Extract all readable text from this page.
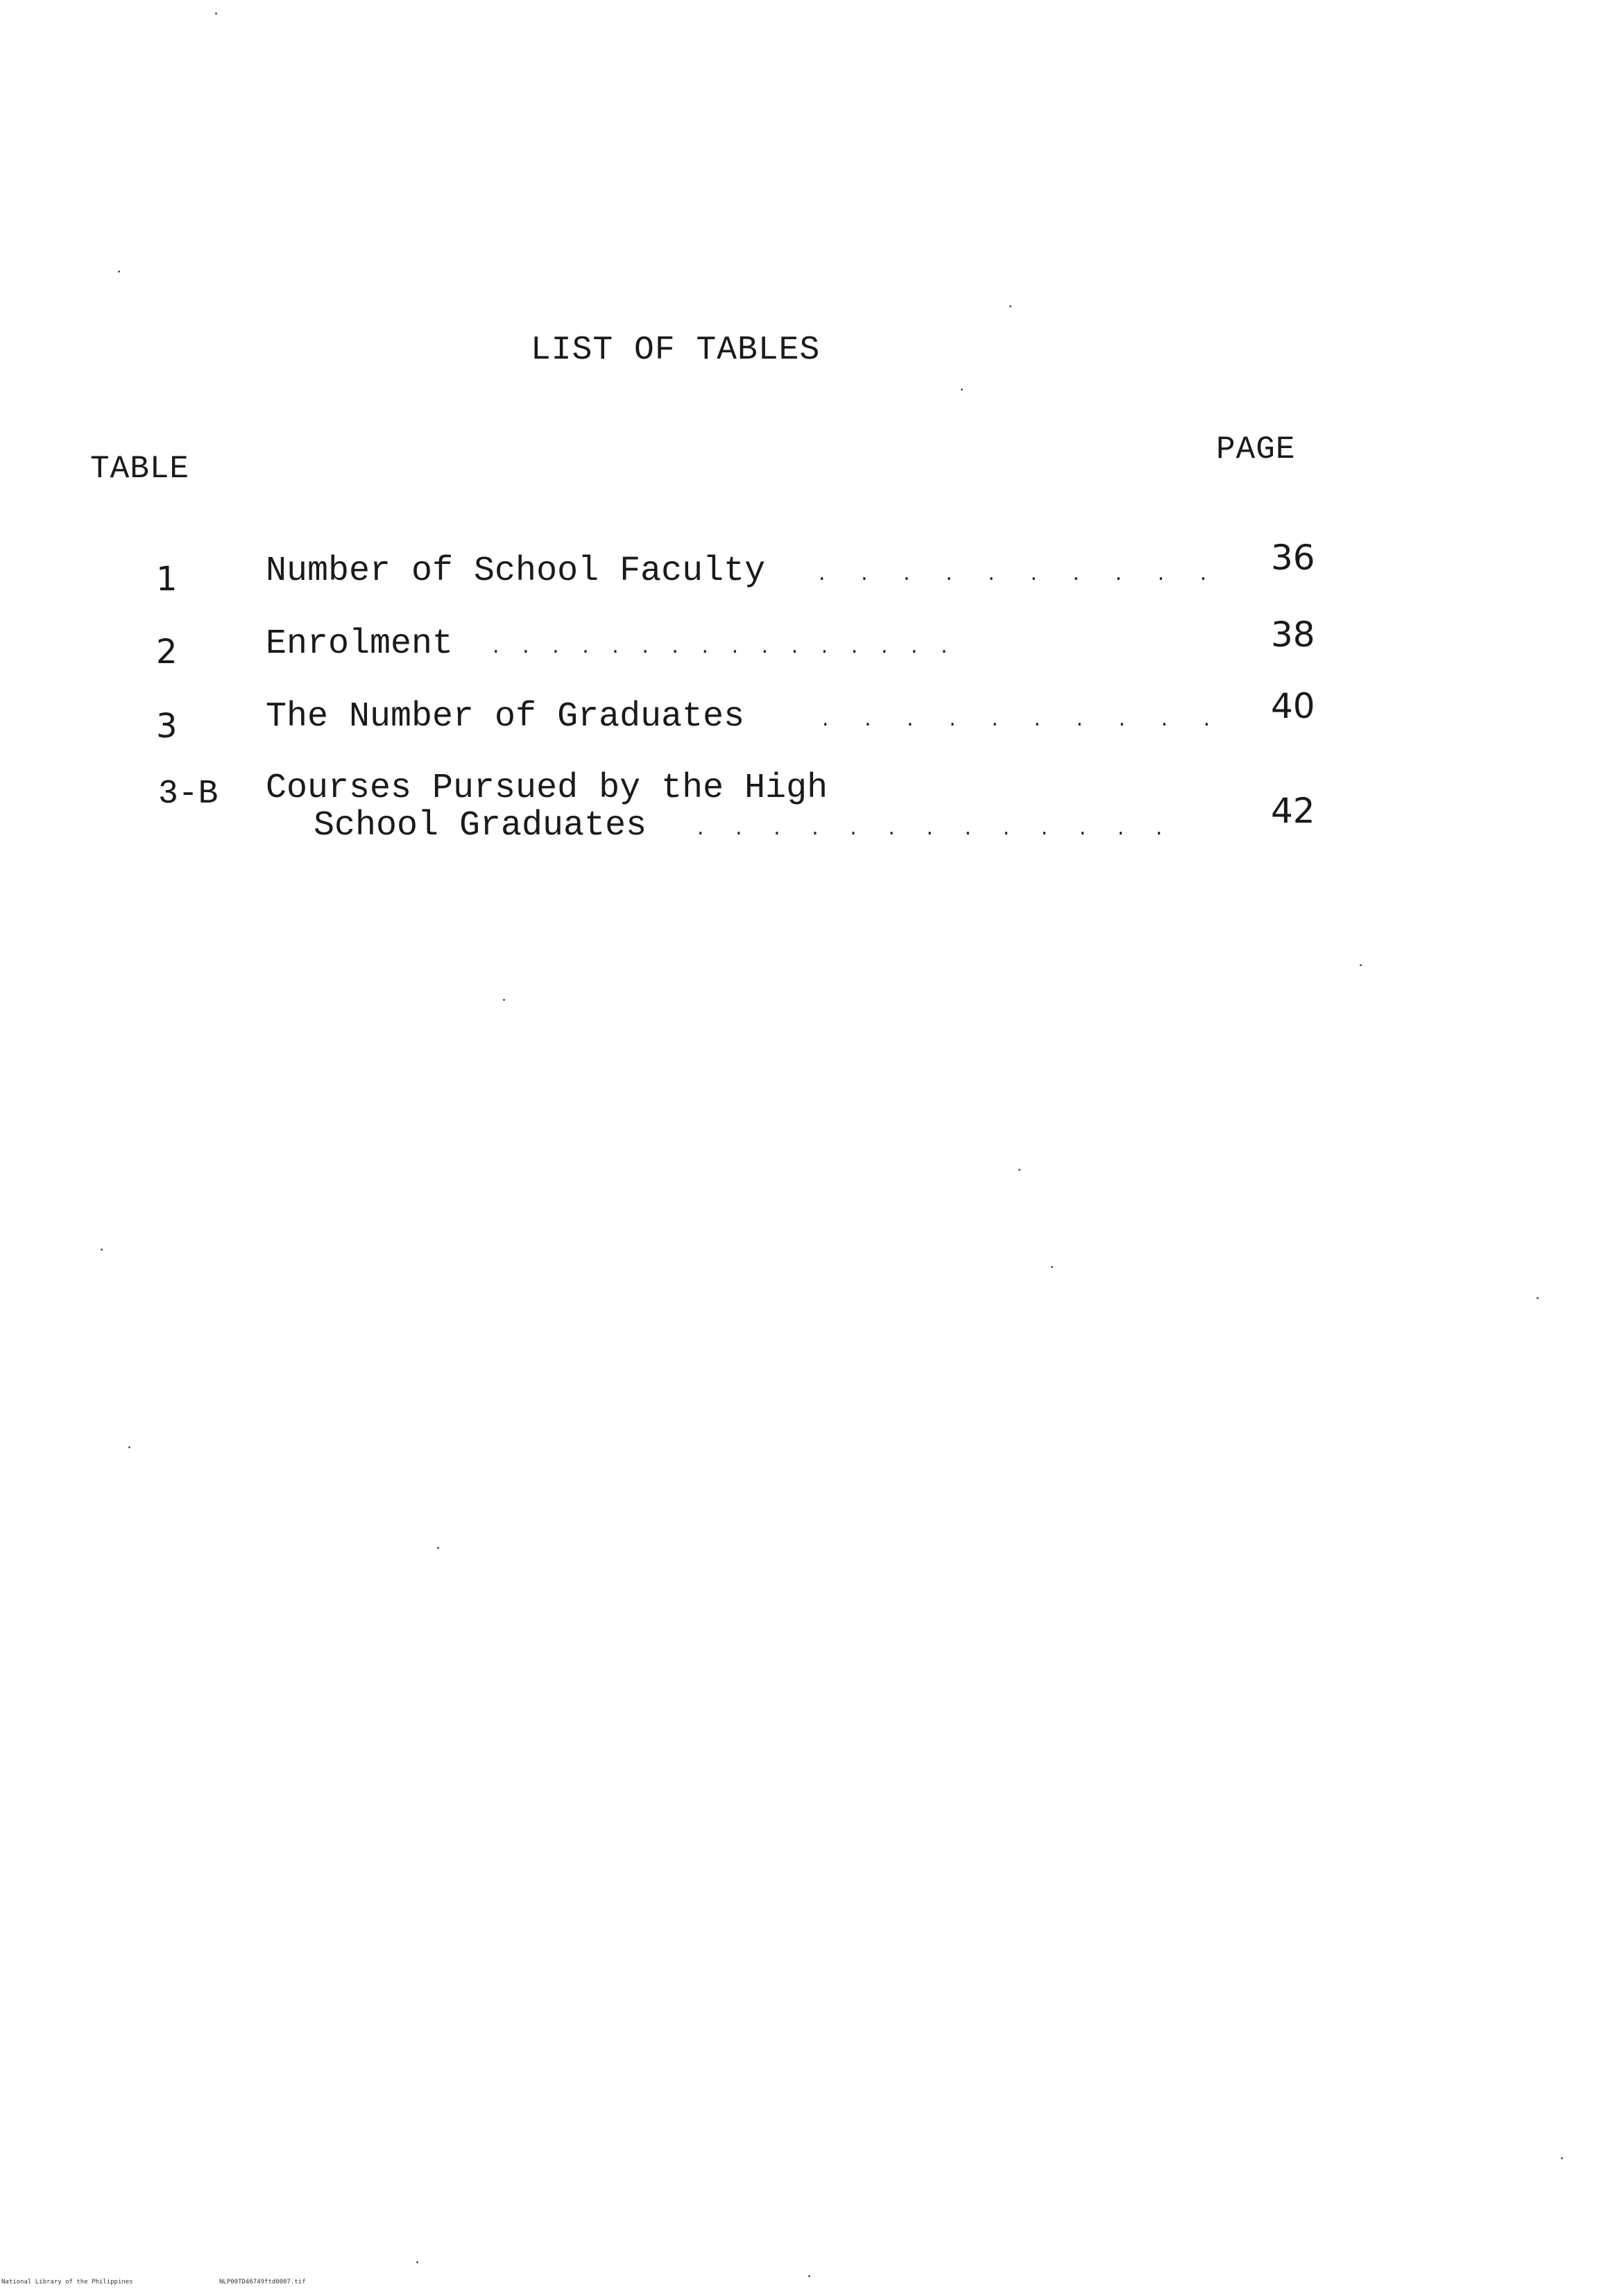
LIST OF TABLES
TABLE
PAGE
1	Number of School Faculty	. . . . . . . . . . 36
2	Enrolment . . . . . . . . . . . . . . . .	38
3	The Number of Graduates	. . . . . . . . . . 40
3-B Courses Pursued by the High
School Graduates . . . . . . . . . . . . .	42
National Library of the Philippines	NLP00TD46749ftd0007.tif
